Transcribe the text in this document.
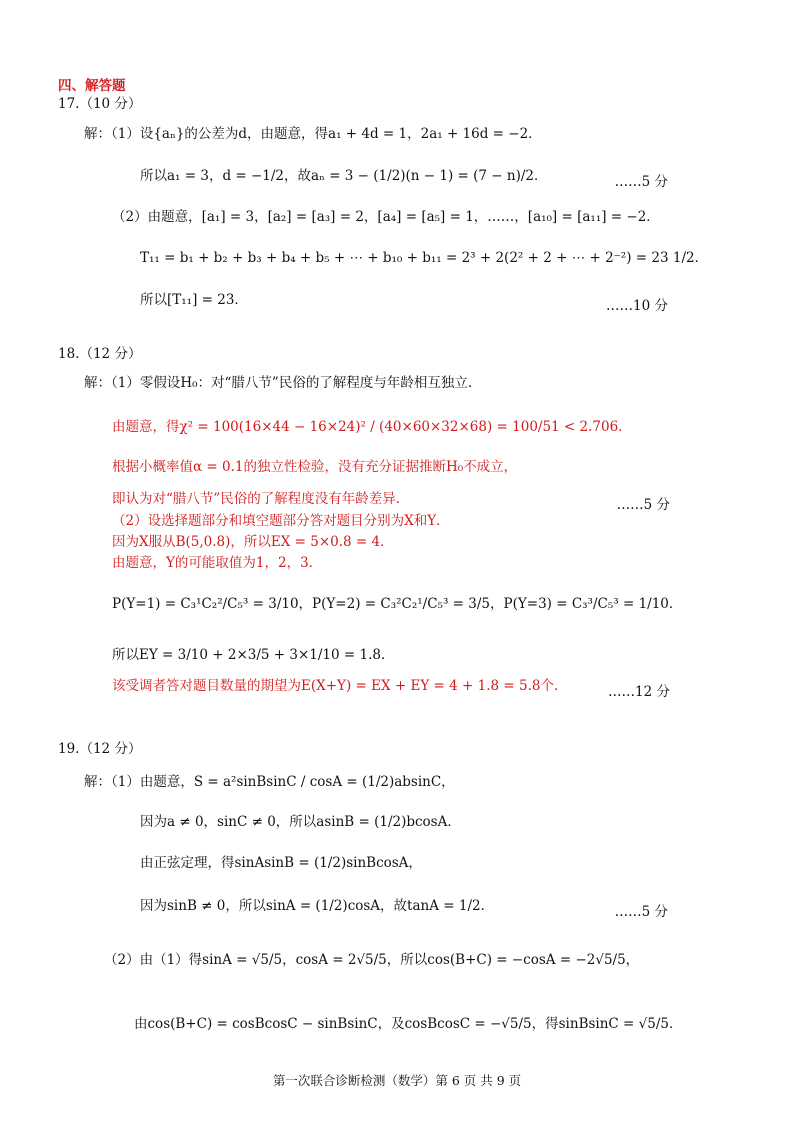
四、解答题
17.（10 分）
解：（1）设{aₙ}的公差为d，由题意，得a₁ + 4d = 1，2a₁ + 16d = −2．
所以a₁ = 3，d = −1/2，故aₙ = 3 − (1/2)(n − 1) = (7 − n)/2．	……5 分
（2）由题意，[a₁] = 3，[a₂] = [a₃] = 2，[a₄] = [a₅] = 1，……，[a₁₀] = [a₁₁] = −2．
T₁₁ = b₁ + b₂ + b₃ + b₄ + b₅ + ⋯ + b₁₀ + b₁₁ = 2³ + 2(2² + 2 + ⋯ + 2⁻²) = 23 1/2．
所以[T₁₁] = 23．	……10 分
18.（12 分）
解：（1）零假设H₀：对“腊八节”民俗的了解程度与年龄相互独立.
由题意，得χ² = 100(16×44 − 16×24)² / (40×60×32×68) = 100/51 < 2.706．
根据小概率值α = 0.1的独立性检验，没有充分证据推断H₀不成立，
即认为对“腊八节”民俗的了解程度没有年龄差异.	……5 分
（2）设选择题部分和填空题部分答对题目分别为X和Y．
因为X服从B(5,0.8)，所以EX = 5×0.8 = 4．
由题意，Y的可能取值为1，2，3．
P(Y=1) = C₃¹C₂²/C₅³ = 3/10，P(Y=2) = C₃²C₂¹/C₅³ = 3/5，P(Y=3) = C₃³/C₅³ = 1/10．
所以EY = 3/10 + 2×3/5 + 3×1/10 = 1.8．
该受调者答对题目数量的期望为E(X+Y) = EX + EY = 4 + 1.8 = 5.8个.	……12 分
19.（12 分）
解：（1）由题意，S = a²sinBsinC / cosA = (1/2)absinC，
因为a ≠ 0，sinC ≠ 0，所以asinB = (1/2)bcosA．
由正弦定理，得sinAsinB = (1/2)sinBcosA，
因为sinB ≠ 0，所以sinA = (1/2)cosA，故tanA = 1/2．	……5 分
（2）由（1）得sinA = √5/5，cosA = 2√5/5，所以cos(B+C) = −cosA = −2√5/5，
由cos(B+C) = cosBcosC − sinBsinC，及cosBcosC = −√5/5，得sinBsinC = √5/5．
第一次联合诊断检测（数学）第 6 页 共 9 页
